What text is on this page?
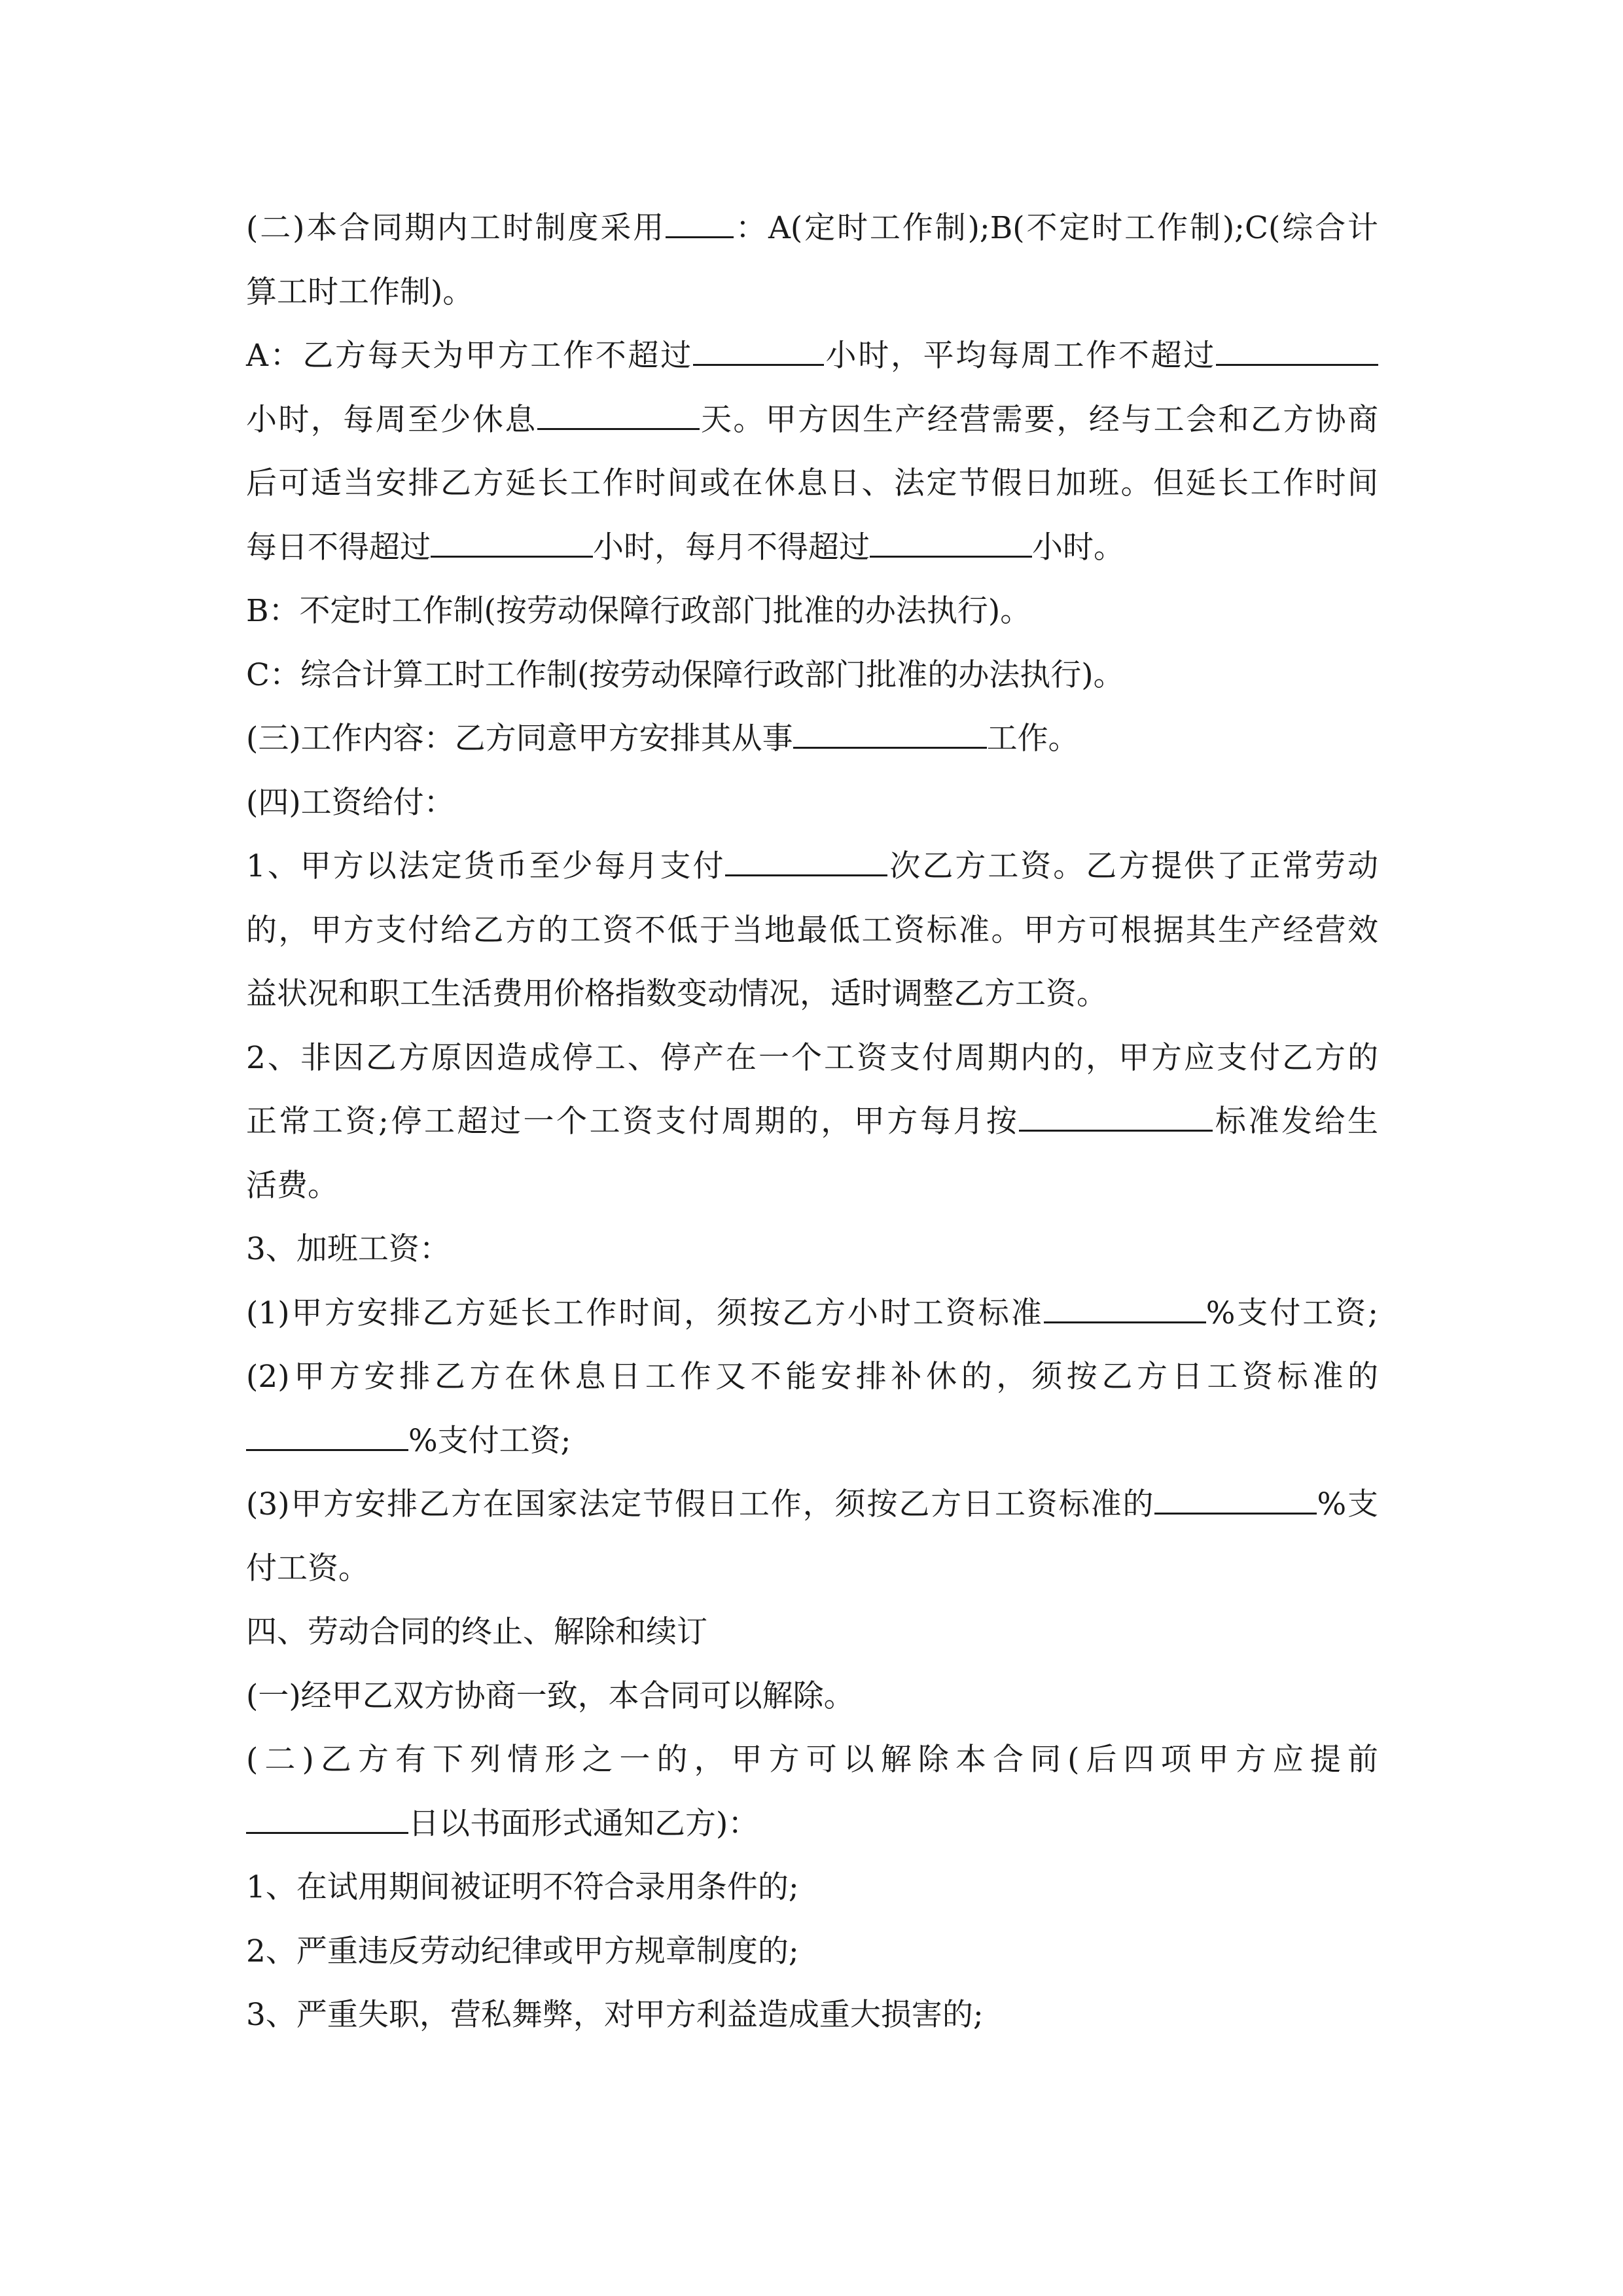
(二)本合同期内工时制度采用 ：A(定时工作制);B(不定时工作制);C(综合计
算工时工作制)。
A：乙方每天为甲方工作不超过	小时，平均每周工作不超过
小时，每周至少休息	天。甲方因生产经营需要，经与工会和乙方协商
后可适当安排乙方延长工作时间或在休息日、法定节假日加班。但延长工作时间
每日不得超过	小时，每月不得超过	小时。
B：不定时工作制(按劳动保障行政部门批准的办法执行)。
C：综合计算工时工作制(按劳动保障行政部门批准的办法执行)。
(三)工作内容：乙方同意甲方安排其从事	工作。
(四)工资给付：
1、甲方以法定货币至少每月支付	次乙方工资。乙方提供了正常劳动
的，甲方支付给乙方的工资不低于当地最低工资标准。甲方可根据其生产经营效
益状况和职工生活费用价格指数变动情况，适时调整乙方工资。
2、非因乙方原因造成停工、停产在一个工资支付周期内的，甲方应支付乙方的
正常工资;停工超过一个工资支付周期的，甲方每月按	标准发给生
活费。
3、加班工资：
(1)甲方安排乙方延长工作时间，须按乙方小时工资标准	%支付工资;
(2)甲方安排乙方在休息日工作又不能安排补休的，须按乙方日工资标准的
%支付工资;
(3)甲方安排乙方在国家法定节假日工作，须按乙方日工资标准的	%支
付工资。
四、劳动合同的终止、解除和续订
(一)经甲乙双方协商一致，本合同可以解除。
(二)乙方有下列情形之一的，甲方可以解除本合同(后四项甲方应提前
日以书面形式通知乙方)：
1、在试用期间被证明不符合录用条件的;
2、严重违反劳动纪律或甲方规章制度的;
3、严重失职，营私舞弊，对甲方利益造成重大损害的;
